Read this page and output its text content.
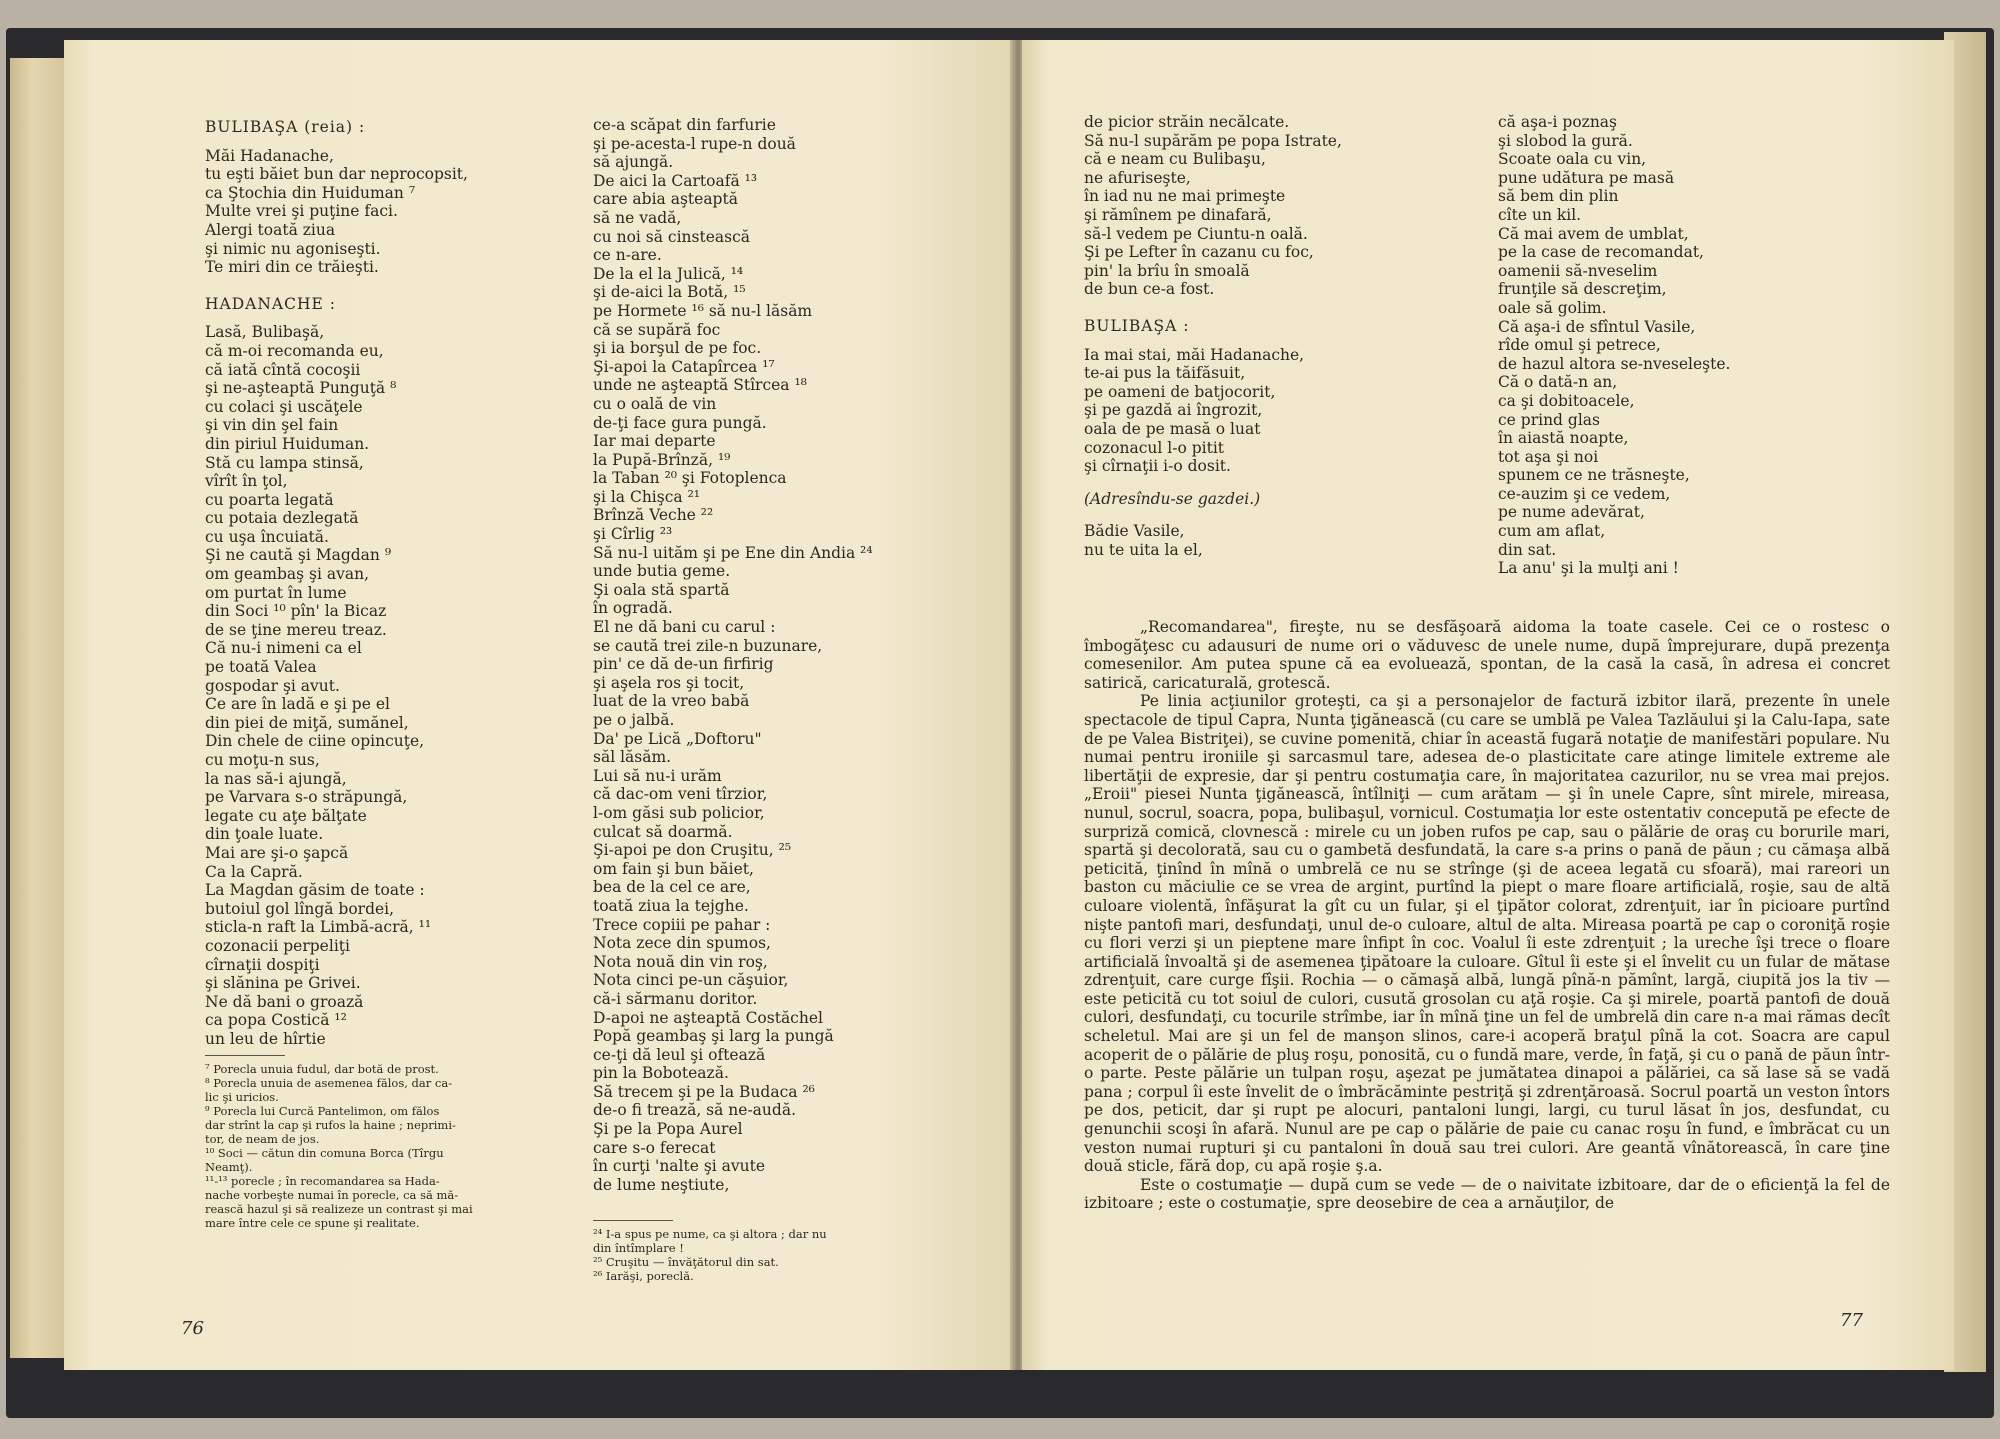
BULIBAŞA (reia) :
Măi Hadanache,
tu eşti băiet bun dar neprocopsit,
ca Ştochia din Huiduman ⁷
Multe vrei şi puţine faci.
Alergi toată ziua
şi nimic nu agoniseşti.
Te miri din ce trăieşti.
HADANACHE :
Lasă, Bulibaşă,
că m-oi recomanda eu,
că iată cîntă cocoşii
şi ne-aşteaptă Punguţă ⁸
cu colaci şi uscăţele
şi vin din şel fain
din piriul Huiduman.
Stă cu lampa stinsă,
vîrît în ţol,
cu poarta legată
cu potaia dezlegată
cu uşa încuiată.
Şi ne caută şi Magdan ⁹
om geambaş şi avan,
om purtat în lume
din Soci ¹⁰ pîn' la Bicaz
de se ţine mereu treaz.
Că nu-i nimeni ca el
pe toată Valea
gospodar şi avut.
Ce are în ladă e şi pe el
din piei de miţă, sumănel,
Din chele de ciine opincuţe,
cu moţu-n sus,
la nas să-i ajungă,
pe Varvara s-o străpungă,
legate cu aţe bălţate
din ţoale luate.
Mai are şi-o şapcă
Ca la Capră.
La Magdan găsim de toate :
butoiul gol lîngă bordei,
sticla-n raft la Limbă-acră, ¹¹
cozonacii perpeliţi
cîrnaţii dospiţi
şi slănina pe Grivei.
Ne dă bani o groază
ca popa Costică ¹²
un leu de hîrtie
⁷ Porecla unuia fudul, dar botă de prost.
⁸ Porecla unuia de asemenea fălos, dar ca-
lic şi uricios.
⁹ Porecla lui Curcă Pantelimon, om fălos
dar strînt la cap şi rufos la haine ; neprimi-
tor, de neam de jos.
¹⁰ Soci — cătun din comuna Borca (Tîrgu
Neamţ).
¹¹-¹³ porecle ; în recomandarea sa Hada-
nache vorbeşte numai în porecle, ca să mă-
rească hazul şi să realizeze un contrast şi mai
mare între cele ce spune şi realitate.
ce-a scăpat din farfurie
şi pe-acesta-l rupe-n două
să ajungă.
De aici la Cartoafă ¹³
care abia aşteaptă
să ne vadă,
cu noi să cinstească
ce n-are.
De la el la Julică, ¹⁴
şi de-aici la Botă, ¹⁵
pe Hormete ¹⁶ să nu-l lăsăm
că se supără foc
şi ia borşul de pe foc.
Şi-apoi la Catapîrcea ¹⁷
unde ne aşteaptă Stîrcea ¹⁸
cu o oală de vin
de-ţi face gura pungă.
Iar mai departe
la Pupă-Brînză, ¹⁹
la Taban ²⁰ şi Fotoplenca
şi la Chişca ²¹
Brînză Veche ²²
şi Cîrlig ²³
Să nu-l uităm şi pe Ene din Andia ²⁴
unde butia geme.
Şi oala stă spartă
în ogradă.
El ne dă bani cu carul :
se caută trei zile-n buzunare,
pin' ce dă de-un firfirig
şi aşela ros şi tocit,
luat de la vreo babă
pe o jalbă.
Da' pe Lică „Doftoru"
săl lăsăm.
Lui să nu-i urăm
că dac-om veni tîrzior,
l-om găsi sub policior,
culcat să doarmă.
Şi-apoi pe don Cruşitu, ²⁵
om fain şi bun băiet,
bea de la cel ce are,
toată ziua la tejghe.
Trece copiii pe pahar :
Nota zece din spumos,
Nota nouă din vin roş,
Nota cinci pe-un căşuior,
că-i sărmanu doritor.
D-apoi ne aşteaptă Costăchel
Popă geambaş şi larg la pungă
ce-ţi dă leul şi oftează
pin la Bobotează.
Să trecem şi pe la Budaca ²⁶
de-o fi trează, să ne-audă.
Şi pe la Popa Aurel
care s-o ferecat
în curţi 'nalte şi avute
de lume neştiute,
²⁴ I-a spus pe nume, ca şi altora ; dar nu
din întîmplare !
²⁵ Cruşitu — învăţătorul din sat.
²⁶ Iarăşi, poreclă.
76
de picior străin necălcate.
Să nu-l supărăm pe popa Istrate,
că e neam cu Bulibaşu,
ne afuriseşte,
în iad nu ne mai primeşte
şi rămînem pe dinafară,
să-l vedem pe Ciuntu-n oală.
Şi pe Lefter în cazanu cu foc,
pin' la brîu în smoală
de bun ce-a fost.
BULIBAŞA :
Ia mai stai, măi Hadanache,
te-ai pus la tăifăsuit,
pe oameni de batjocorit,
şi pe gazdă ai îngrozit,
oala de pe masă o luat
cozonacul l-o pitit
şi cîrnaţii i-o dosit.
(Adresîndu-se gazdei.)
Bădie Vasile,
nu te uita la el,
că aşa-i poznaş
şi slobod la gură.
Scoate oala cu vin,
pune udătura pe masă
să bem din plin
cîte un kil.
Că mai avem de umblat,
pe la case de recomandat,
oamenii să-nveselim
frunţile să descreţim,
oale să golim.
Că aşa-i de sfîntul Vasile,
rîde omul şi petrece,
de hazul altora se-nveseleşte.
Că o dată-n an,
ca şi dobitoacele,
ce prind glas
în aiastă noapte,
tot aşa şi noi
spunem ce ne trăsneşte,
ce-auzim şi ce vedem,
pe nume adevărat,
cum am aflat,
din sat.
La anu' şi la mulţi ani !

„Recomandarea", fireşte, nu se desfăşoară aidoma la toate casele. Cei ce o rostesc o îmbogăţesc cu adausuri de nume ori o văduvesc de unele nume, după împrejurare, după prezenţa comesenilor. Am putea spune că ea evoluează, spontan, de la casă la casă, în adresa ei concret satirică, caricaturală, grotescă.

Pe linia acţiunilor groteşti, ca şi a personajelor de factură izbitor ilară, prezente în unele spectacole de tipul Capra, Nunta ţigănească (cu care se umblă pe Valea Tazlăului şi la Calu-Iapa, sate de pe Valea Bistriţei), se cuvine pomenită, chiar în această fugară notaţie de manifestări populare. Nu numai pentru ironiile şi sarcasmul tare, adesea de-o plasticitate care atinge limitele extreme ale libertăţii de expresie, dar şi pentru costumaţia care, în majoritatea cazurilor, nu se vrea mai prejos. „Eroii" piesei Nunta ţigănească, întîlniţi — cum arătam — şi în unele Capre, sînt mirele, mireasa, nunul, socrul, soacra, popa, bulibaşul, vornicul. Costumaţia lor este ostentativ concepută pe efecte de surpriză comică, clovnescă : mirele cu un joben rufos pe cap, sau o pălărie de oraş cu borurile mari, spartă şi decolorată, sau cu o gambetă desfundată, la care s-a prins o pană de păun ; cu cămaşa albă peticită, ţinînd în mînă o umbrelă ce nu se strînge (şi de aceea legată cu sfoară), mai rareori un baston cu măciulie ce se vrea de argint, purtînd la piept o mare floare artificială, roşie, sau de altă culoare violentă, înfăşurat la gît cu un fular, şi el ţipător colorat, zdrenţuit, iar în picioare purtînd nişte pantofi mari, desfundaţi, unul de-o culoare, altul de alta. Mireasa poartă pe cap o coroniţă roşie cu flori verzi şi un pieptene mare înfipt în coc. Voalul îi este zdrenţuit ; la ureche îşi trece o floare artificială învoaltă şi de asemenea ţipătoare la culoare. Gîtul îi este şi el învelit cu un fular de mătase zdrenţuit, care curge fîşii. Rochia — o cămaşă albă, lungă pînă-n pămînt, largă, ciupită jos la tiv — este peticită cu tot soiul de culori, cusută grosolan cu aţă roşie. Ca şi mirele, poartă pantofi de două culori, desfundaţi, cu tocurile strîmbe, iar în mînă ţine un fel de umbrelă din care n-a mai rămas decît scheletul. Mai are şi un fel de manşon slinos, care-i acoperă braţul pînă la cot. Soacra are capul acoperit de o pălărie de pluş roşu, ponosită, cu o fundă mare, verde, în faţă, şi cu o pană de păun într-o parte. Peste pălărie un tulpan roşu, aşezat pe jumătatea dinapoi a pălăriei, ca să lase să se vadă pana ; corpul îi este învelit de o îmbrăcăminte pestriţă şi zdrenţăroasă. Socrul poartă un veston întors pe dos, peticit, dar şi rupt pe alocuri, pantaloni lungi, largi, cu turul lăsat în jos, desfundat, cu genunchii scoşi în afară. Nunul are pe cap o pălărie de paie cu canac roşu în fund, e îmbrăcat cu un veston numai rupturi şi cu pantaloni în două sau trei culori. Are geantă vînătorească, în care ţine două sticle, fără dop, cu apă roşie ş.a.

Este o costumaţie — după cum se vede — de o naivitate izbitoare, dar de o eficienţă la fel de izbitoare ; este o costumaţie, spre deosebire de cea a arnăuţilor, de

77
